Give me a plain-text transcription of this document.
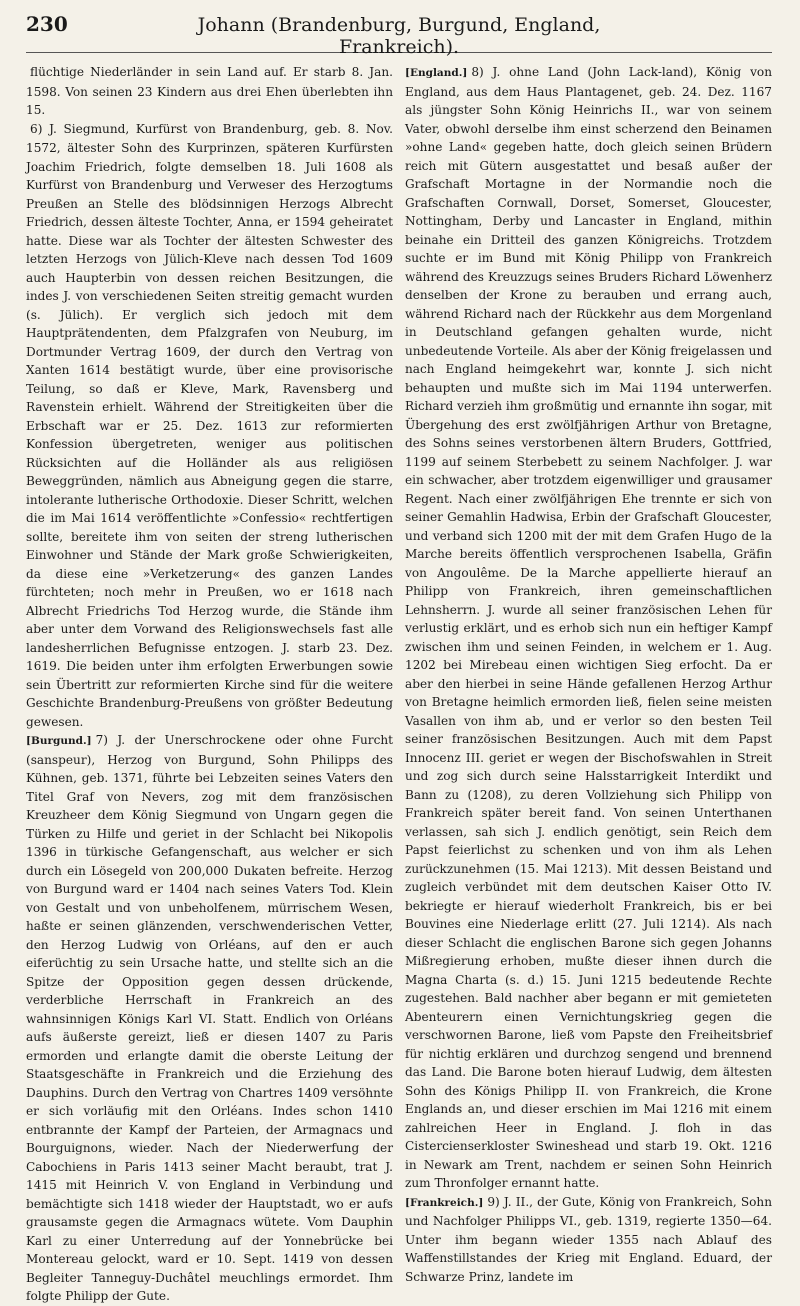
230	Johann (Brandenburg, Burgund, England, Frankreich).

flüchtige Niederländer in sein Land auf. Er starb 8. Jan. 1598. Von seinen 23 Kindern aus drei Ehen überlebten ihn 15.

6) J. Siegmund, Kurfürst von Brandenburg, geb. 8. Nov. 1572, ältester Sohn des Kurprinzen, späteren Kurfürsten Joachim Friedrich, folgte demselben 18. Juli 1608 als Kurfürst von Brandenburg und Verweser des Herzogtums Preußen an Stelle des blödsinnigen Herzogs Albrecht Friedrich, dessen älteste Tochter, Anna, er 1594 geheiratet hatte. Diese war als Tochter der ältesten Schwester des letzten Herzogs von Jülich-Kleve nach dessen Tod 1609 auch Haupterbin von dessen reichen Besitzungen, die indes J. von verschiedenen Seiten streitig gemacht wurden (s. Jülich). Er verglich sich jedoch mit dem Hauptprätendenten, dem Pfalzgrafen von Neuburg, im Dortmunder Vertrag 1609, der durch den Vertrag von Xanten 1614 bestätigt wurde, über eine provisorische Teilung, so daß er Kleve, Mark, Ravensberg und Ravenstein erhielt. Während der Streitigkeiten über die Erbschaft war er 25. Dez. 1613 zur reformierten Konfession übergetreten, weniger aus politischen Rücksichten auf die Holländer als aus religiösen Beweggründen, nämlich aus Abneigung gegen die starre, intolerante lutherische Orthodoxie. Dieser Schritt, welchen die im Mai 1614 veröffentlichte »Confessio« rechtfertigen sollte, bereitete ihm von seiten der streng lutherischen Einwohner und Stände der Mark große Schwierigkeiten, da diese eine »Verketzerung« des ganzen Landes fürchteten; noch mehr in Preußen, wo er 1618 nach Albrecht Friedrichs Tod Herzog wurde, die Stände ihm aber unter dem Vorwand des Religionswechsels fast alle landesherrlichen Befugnisse entzogen. J. starb 23. Dez. 1619. Die beiden unter ihm erfolgten Erwerbungen sowie sein Übertritt zur reformierten Kirche sind für die weitere Geschichte Brandenburg-Preußens von größter Bedeutung gewesen.

[Burgund.] 7) J. der Unerschrockene oder ohne Furcht (sanspeur), Herzog von Burgund, Sohn Philipps des Kühnen, geb. 1371, führte bei Lebzeiten seines Vaters den Titel Graf von Nevers, zog mit dem französischen Kreuzheer dem König Siegmund von Ungarn gegen die Türken zu Hilfe und geriet in der Schlacht bei Nikopolis 1396 in türkische Gefangenschaft, aus welcher er sich durch ein Lösegeld von 200,000 Dukaten befreite. Herzog von Burgund ward er 1404 nach seines Vaters Tod. Klein von Gestalt und von unbeholfenem, mürrischem Wesen, haßte er seinen glänzenden, verschwenderischen Vetter, den Herzog Ludwig von Orléans, auf den er auch eiferüchtig zu sein Ursache hatte, und stellte sich an die Spitze der Opposition gegen dessen drückende, verderbliche Herrschaft in Frankreich an des wahnsinnigen Königs Karl VI. Statt. Endlich von Orléans aufs äußerste gereizt, ließ er diesen 1407 zu Paris ermorden und erlangte damit die oberste Leitung der Staatsgeschäfte in Frankreich und die Erziehung des Dauphins. Durch den Vertrag von Chartres 1409 versöhnte er sich vorläufig mit den Orléans. Indes schon 1410 entbrannte der Kampf der Parteien, der Armagnacs und Bourguignons, wieder. Nach der Niederwerfung der Cabochiens in Paris 1413 seiner Macht beraubt, trat J. 1415 mit Heinrich V. von England in Verbindung und bemächtigte sich 1418 wieder der Hauptstadt, wo er aufs grausamste gegen die Armagnacs wütete. Vom Dauphin Karl zu einer Unterredung auf der Yonnebrücke bei Montereau gelockt, ward er 10. Sept. 1419 von dessen Begleiter Tanneguy-Duchâtel meuchlings ermordet. Ihm folgte Philipp der Gute.

[England.] 8) J. ohne Land (John Lack-land), König von England, aus dem Haus Plantagenet, geb. 24. Dez. 1167 als jüngster Sohn König Heinrichs II., war von seinem Vater, obwohl derselbe ihm einst scherzend den Beinamen »ohne Land« gegeben hatte, doch gleich seinen Brüdern reich mit Gütern ausgestattet und besaß außer der Grafschaft Mortagne in der Normandie noch die Grafschaften Cornwall, Dorset, Somerset, Gloucester, Nottingham, Derby und Lancaster in England, mithin beinahe ein Dritteil des ganzen Königreichs. Trotzdem suchte er im Bund mit König Philipp von Frankreich während des Kreuzzugs seines Bruders Richard Löwenherz denselben der Krone zu berauben und errang auch, während Richard nach der Rückkehr aus dem Morgenland in Deutschland gefangen gehalten wurde, nicht unbedeutende Vorteile. Als aber der König freigelassen und nach England heimgekehrt war, konnte J. sich nicht behaupten und mußte sich im Mai 1194 unterwerfen. Richard verzieh ihm großmütig und ernannte ihn sogar, mit Übergehung des erst zwölfjährigen Arthur von Bretagne, des Sohns seines verstorbenen ältern Bruders, Gottfried, 1199 auf seinem Sterbebett zu seinem Nachfolger. J. war ein schwacher, aber trotzdem eigenwilliger und grausamer Regent. Nach einer zwölfjährigen Ehe trennte er sich von seiner Gemahlin Hadwisa, Erbin der Grafschaft Gloucester, und verband sich 1200 mit der mit dem Grafen Hugo de la Marche bereits öffentlich versprochenen Isabella, Gräfin von Angoulême. De la Marche appellierte hierauf an Philipp von Frankreich, ihren gemeinschaftlichen Lehnsherrn. J. wurde all seiner französischen Lehen für verlustig erklärt, und es erhob sich nun ein heftiger Kampf zwischen ihm und seinen Feinden, in welchem er 1. Aug. 1202 bei Mirebeau einen wichtigen Sieg erfocht. Da er aber den hierbei in seine Hände gefallenen Herzog Arthur von Bretagne heimlich ermorden ließ, fielen seine meisten Vasallen von ihm ab, und er verlor so den besten Teil seiner französischen Besitzungen. Auch mit dem Papst Innocenz III. geriet er wegen der Bischofswahlen in Streit und zog sich durch seine Halsstarrigkeit Interdikt und Bann zu (1208), zu deren Vollziehung sich Philipp von Frankreich später bereit fand. Von seinen Unterthanen verlassen, sah sich J. endlich genötigt, sein Reich dem Papst feierlichst zu schenken und von ihm als Lehen zurückzunehmen (15. Mai 1213). Mit dessen Beistand und zugleich verbündet mit dem deutschen Kaiser Otto IV. bekriegte er hierauf wiederholt Frankreich, bis er bei Bouvines eine Niederlage erlitt (27. Juli 1214). Als nach dieser Schlacht die englischen Barone sich gegen Johanns Mißregierung erhoben, mußte dieser ihnen durch die Magna Charta (s. d.) 15. Juni 1215 bedeutende Rechte zugestehen. Bald nachher aber begann er mit gemieteten Abenteurern einen Vernichtungskrieg gegen die verschwornen Barone, ließ vom Papste den Freiheitsbrief für nichtig erklären und durchzog sengend und brennend das Land. Die Barone boten hierauf Ludwig, dem ältesten Sohn des Königs Philipp II. von Frankreich, die Krone Englands an, und dieser erschien im Mai 1216 mit einem zahlreichen Heer in England. J. floh in das Cistercienserkloster Swineshead und starb 19. Okt. 1216 in Newark am Trent, nachdem er seinen Sohn Heinrich zum Thronfolger ernannt hatte.

[Frankreich.] 9) J. II., der Gute, König von Frankreich, Sohn und Nachfolger Philipps VI., geb. 1319, regierte 1350—64. Unter ihm begann wieder 1355 nach Ablauf des Waffenstillstandes der Krieg mit England. Eduard, der Schwarze Prinz, landete im
